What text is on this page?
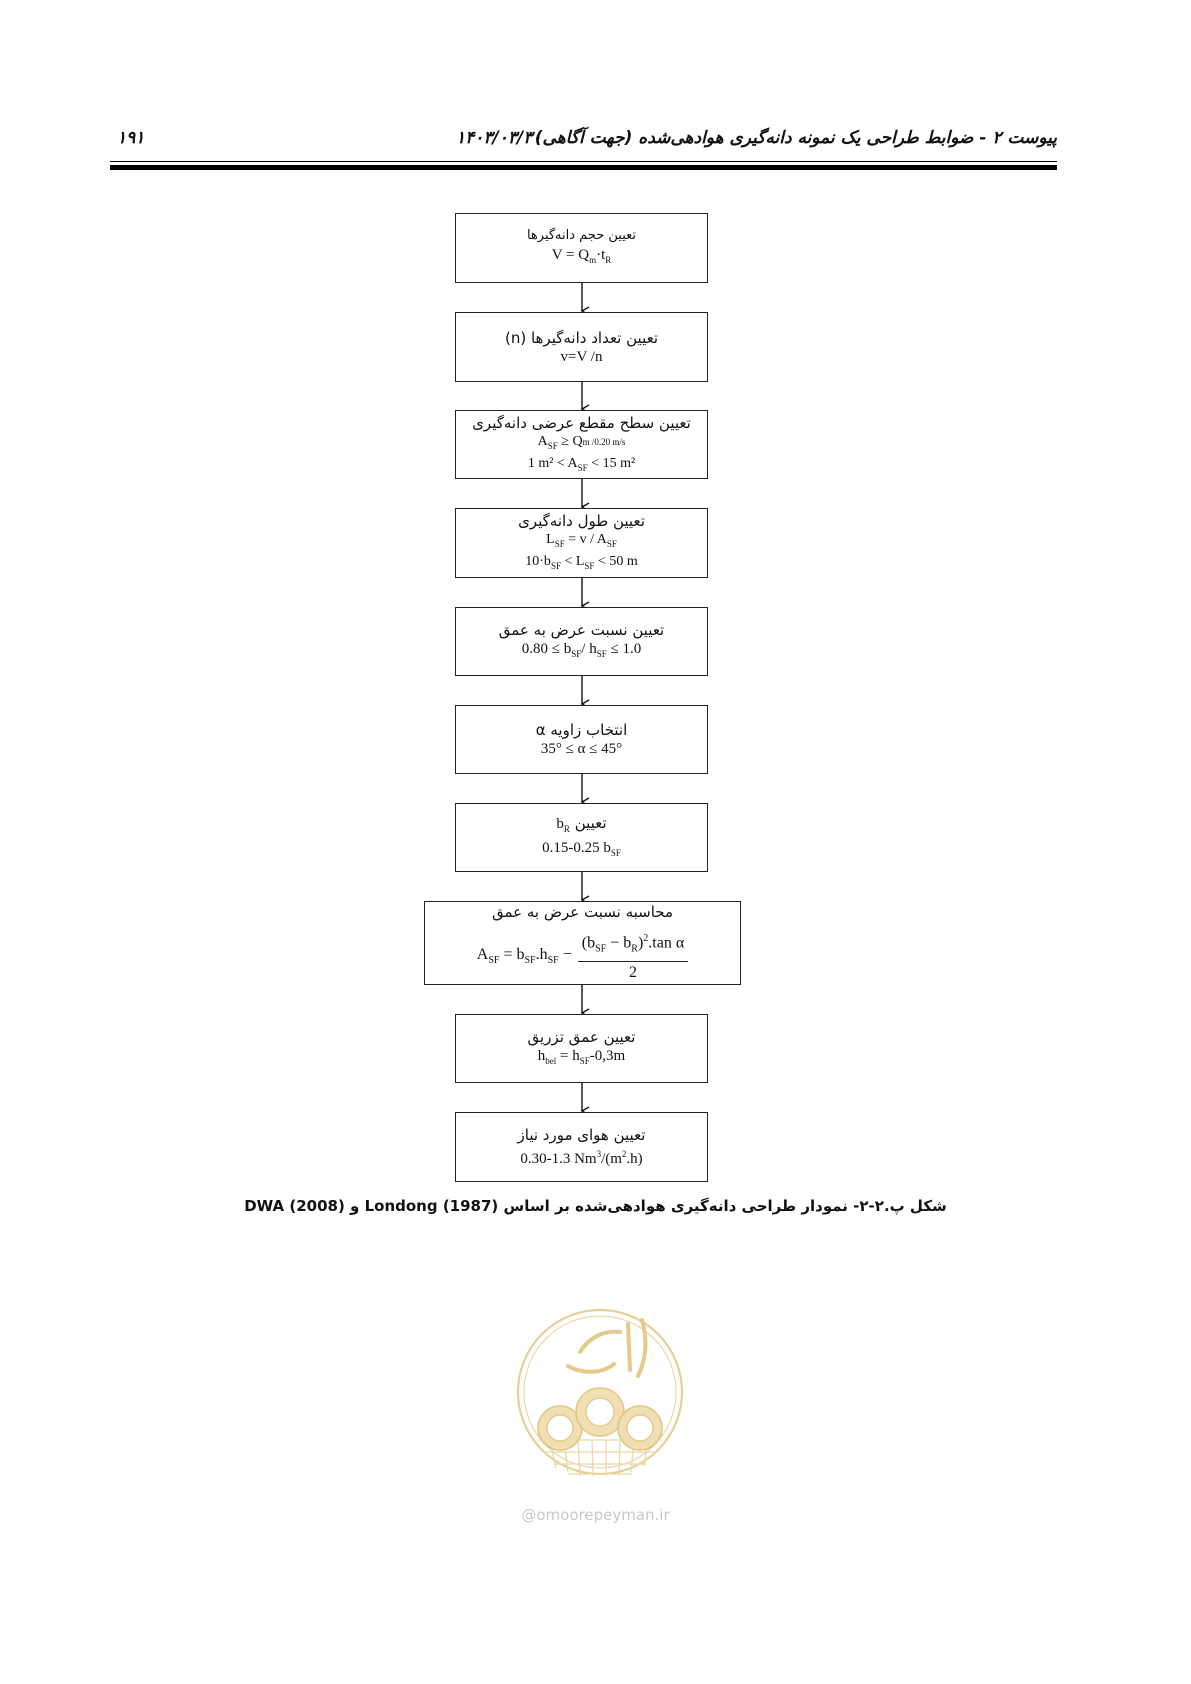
پیوست ۲ - ضوابط طراحی یک نمونه دانه‌گیری هوادهی‌شده (جهت آگاهی)
۱۴۰۳/۰۳/۳۰
۱۹۱
تعیین حجم دانه‌گیرها
$V = Q_m\cdot t_R$
تعیین تعداد دانه‌گیرها (n)
v=V /n
تعیین سطح مقطع عرضی دانه‌گیری
$A_{SF} \ge Qm$ /0.20 m/s
1 $m^2 < A_{SF} < 15$ m²
تعیین طول دانه‌گیری
$L_{SF} = v / A_{SF}$
$10\cdot b_{SF} < L_{SF} < 50$ m
تعیین نسبت عرض به عمق
$0.80 \le b_{SF}/$ $h_{SF} \le 1.0$
انتخاب زاویه α
35° ≤ α ≤ 45°
$b_R$ تعیین
0.15-0.25 $b_{SF}$
محاسبه نسبت عرض به عمق
$A_{SF} = b_{SF}.h_{SF} - \frac{(b_{SF} - b_R)^2.\tan \alpha}{2}$
تعیین عمق تزریق
$h_{bel} = h_{SF}-0,3m$
تعیین هوای مورد نیاز
0.30-1.3 $Nm^3/(m^2.h)$
شکل پ.۲-۲- نمودار طراحی دانه‌گیری هوادهی‌شده بر اساس (1987) Londong و (2008) DWA
@omoorepeyman.ir
